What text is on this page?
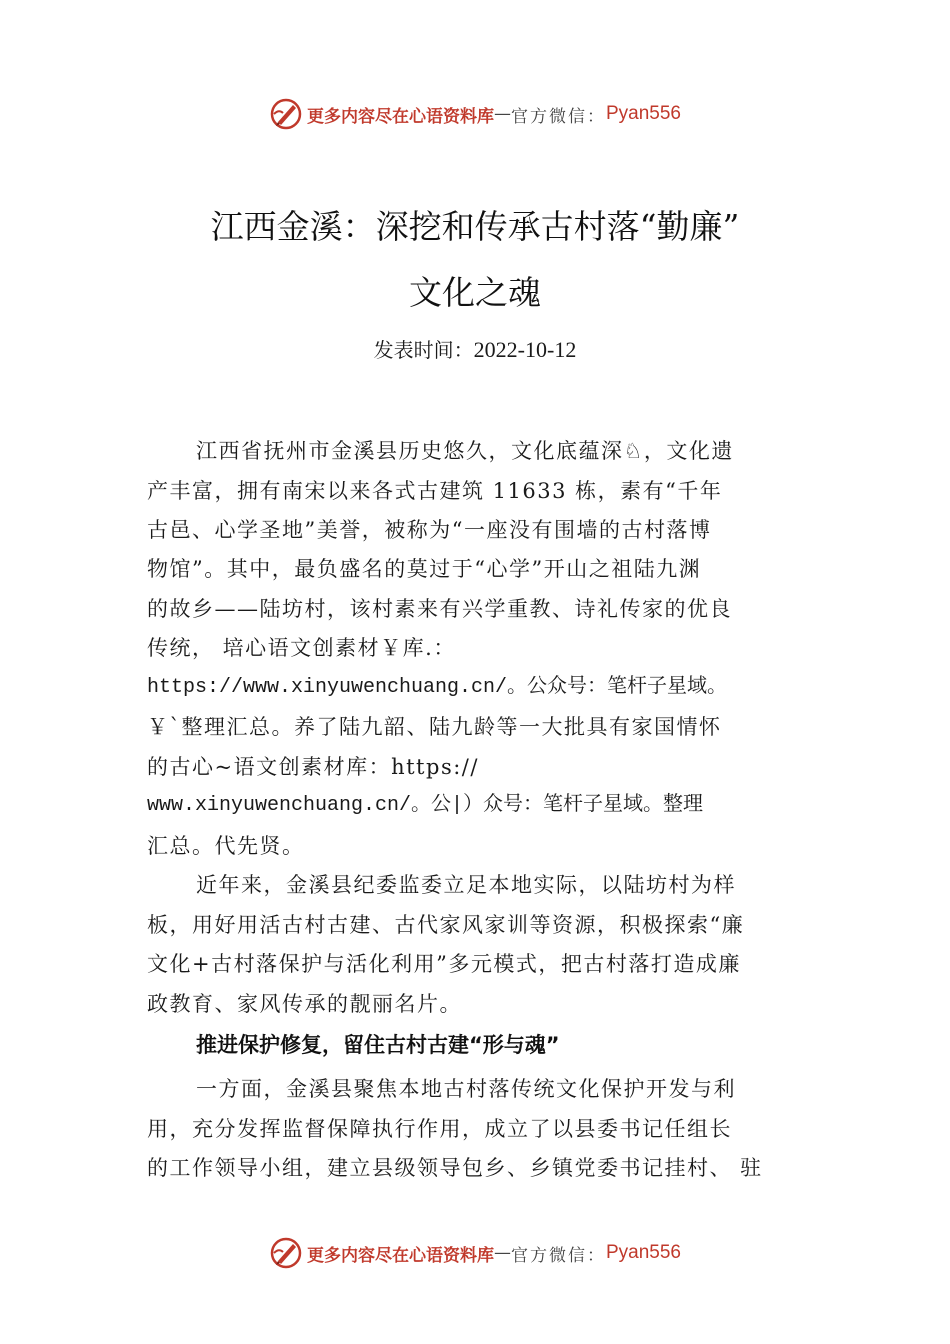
更多内容尽在心语资料库 — 官方微信： Pyan556
江西金溪：深挖和传承古村落“勤廉”
文化之魂
发表时间：2022-10-12
江西省抚州市金溪县历史悠久，文化底蕴深♘，文化遗
产丰富，拥有南宋以来各式古建筑 11633 栋，素有“千年
古邑、心学圣地”美誉，被称为“一座没有围墙的古村落博
物馆”。其中，最负盛名的莫过于“心学”开山之祖陆九渊
的故乡——陆坊村，该村素来有兴学重教、诗礼传家的优良
传统， 培心语文创素材￥库.：
https://www.xinyuwenchuang.cn/。公众号：笔杆子星域。
￥`整理汇总。养了陆九韶、陆九龄等一大批具有家国情怀
的古心~语文创素材库：https://
www.xinyuwenchuang.cn/。公|）众号：笔杆子星域。整理
汇总。代先贤。
近年来，金溪县纪委监委立足本地实际，以陆坊村为样
板，用好用活古村古建、古代家风家训等资源，积极探索“廉
文化+古村落保护与活化利用”多元模式，把古村落打造成廉
政教育、家风传承的靓丽名片。
推进保护修复，留住古村古建“形与魂”
一方面，金溪县聚焦本地古村落传统文化保护开发与利
用，充分发挥监督保障执行作用，成立了以县委书记任组长
的工作领导小组，建立县级领导包乡、乡镇党委书记挂村、 驻
更多内容尽在心语资料库 — 官方微信： Pyan556
